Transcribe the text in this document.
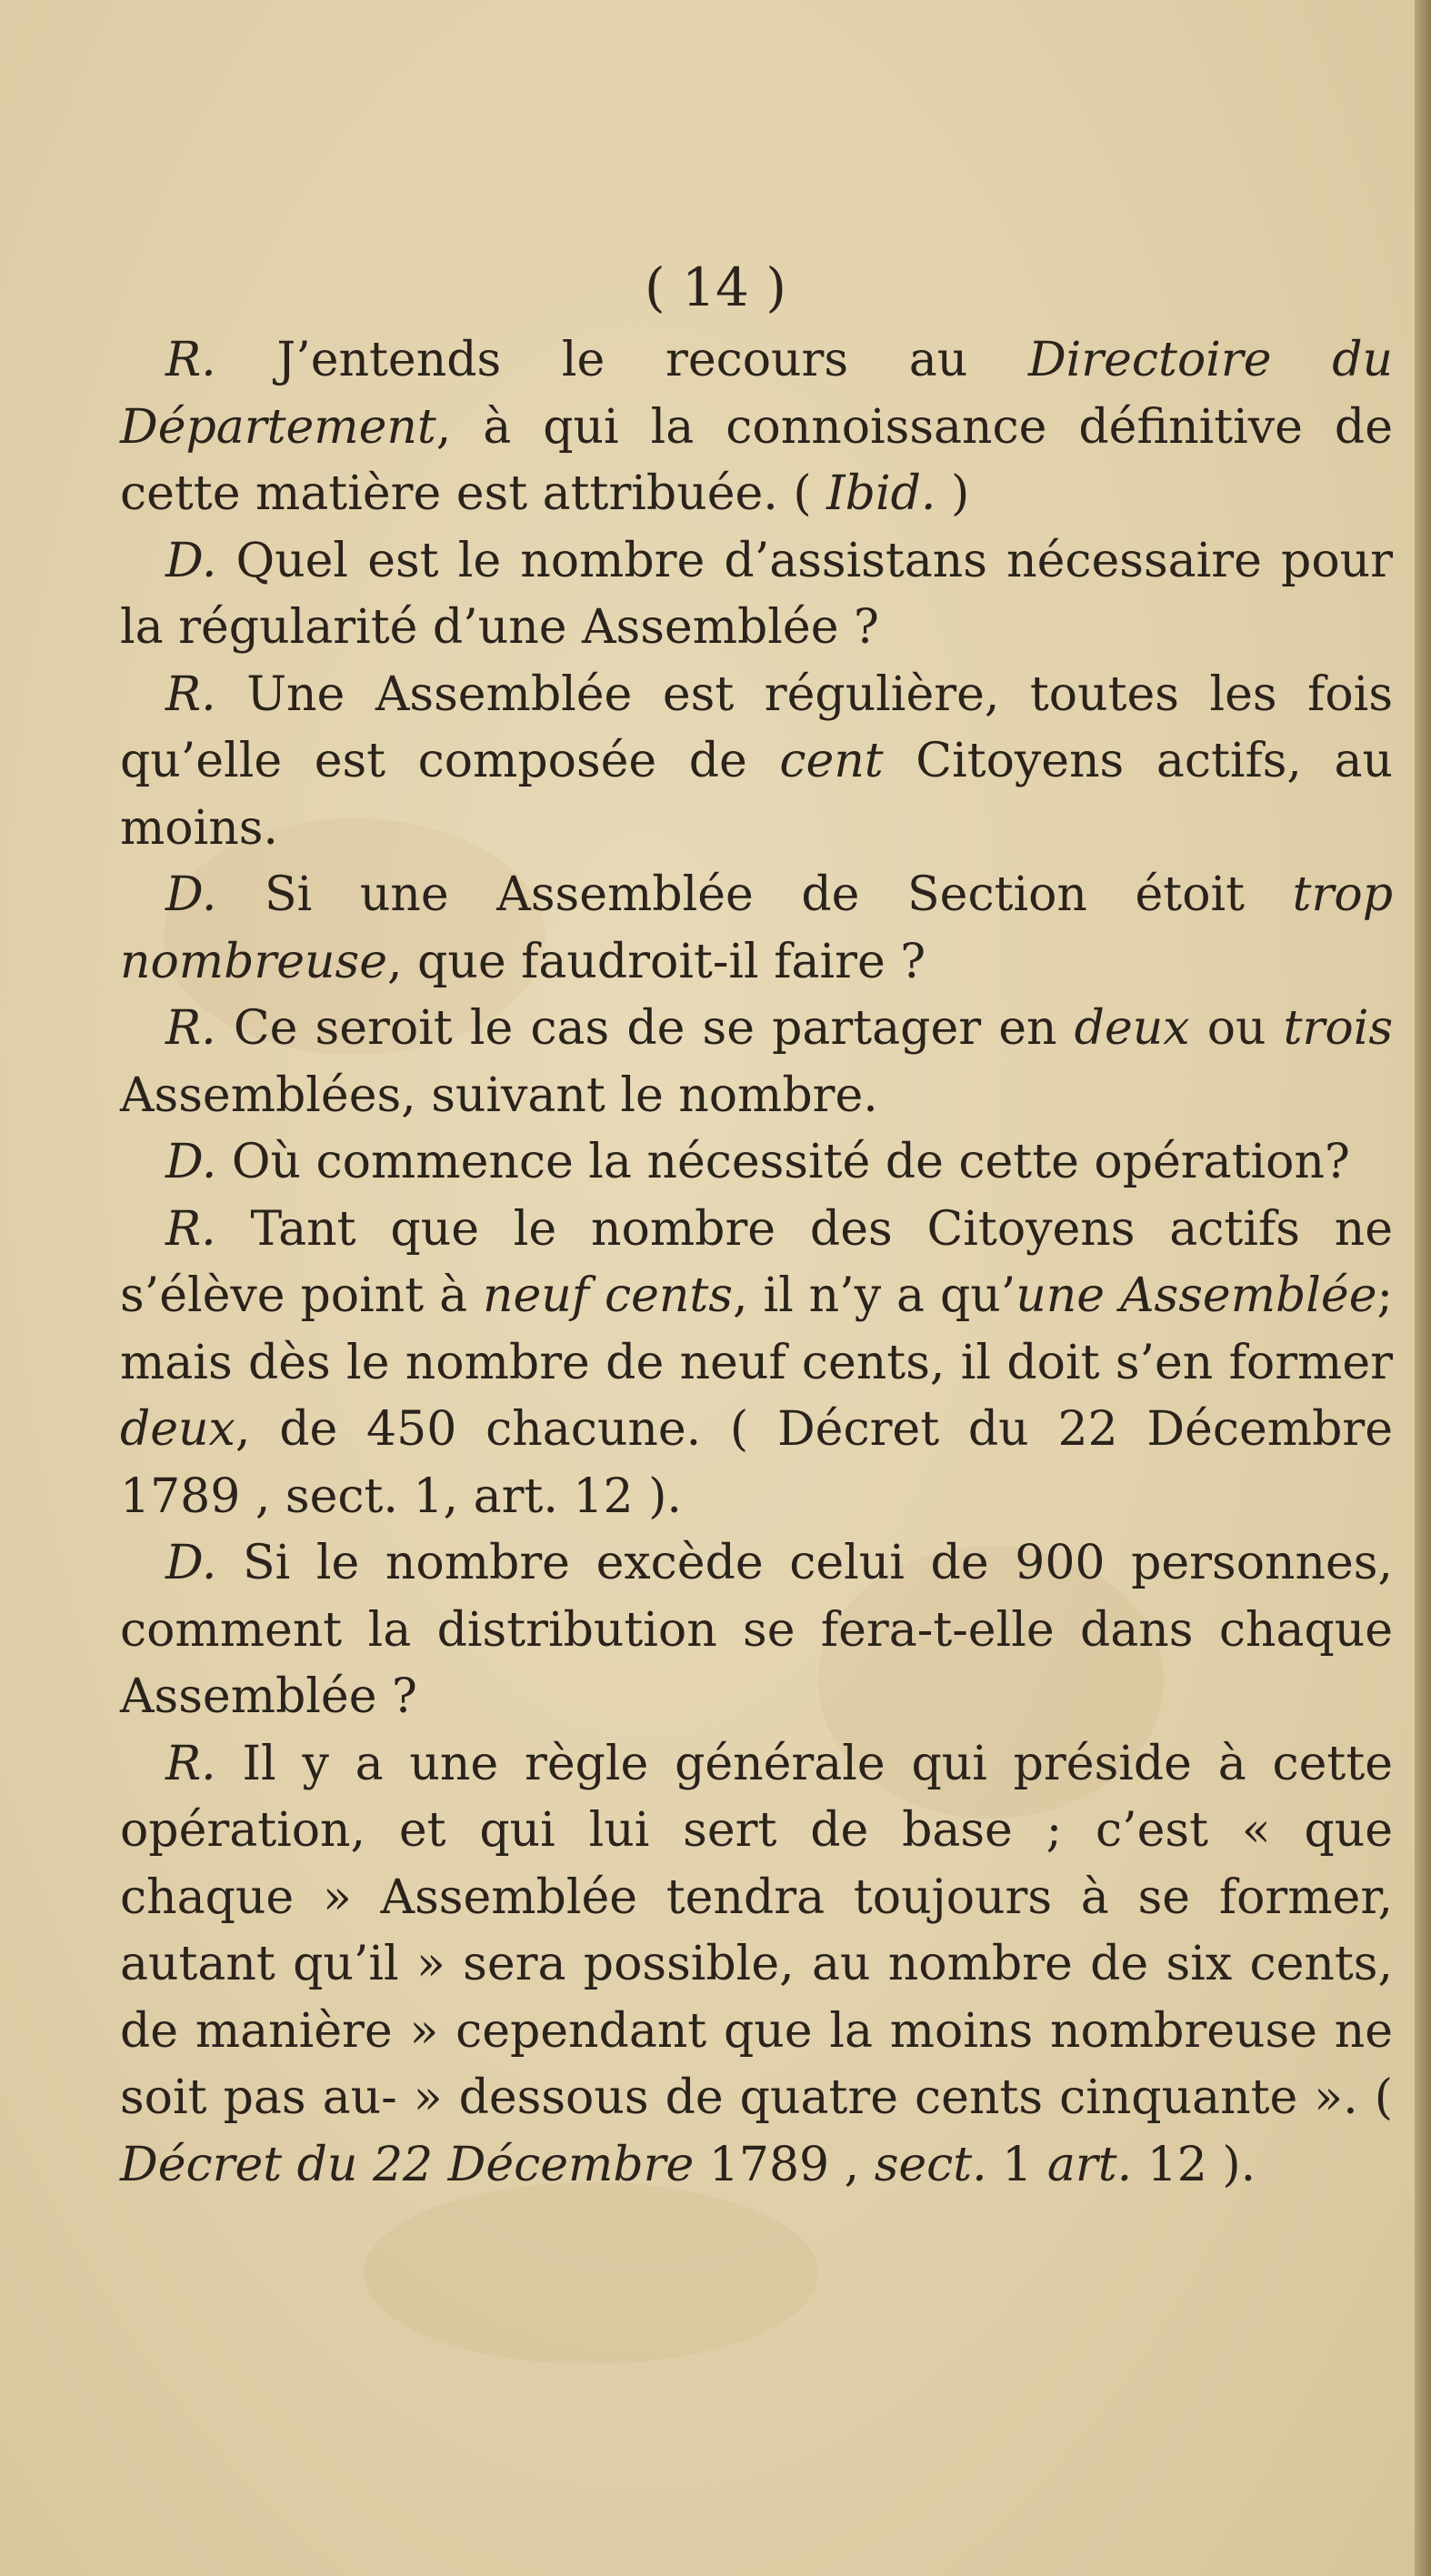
( 14 )

R. J’entends le recours au Directoire du Département, à qui la connoissance définitive de cette matière est attribuée. ( Ibid. )

D. Quel est le nombre d’assistans nécessaire pour la régularité d’une Assemblée ?

R. Une Assemblée est régulière, toutes les fois qu’elle est composée de cent Citoyens actifs, au moins.

D. Si une Assemblée de Section étoit trop nombreuse, que faudroit-il faire ?

R. Ce seroit le cas de se partager en deux ou trois Assemblées, suivant le nombre.

D. Où commence la nécessité de cette opération?

R. Tant que le nombre des Citoyens actifs ne s’élève point à neuf cents, il n’y a qu’une Assemblée; mais dès le nombre de neuf cents, il doit s’en former deux, de 450 chacune. ( Décret du 22 Décembre 1789 , sect. 1, art. 12 ).

D. Si le nombre excède celui de 900 personnes, comment la distribution se fera-t-elle dans chaque Assemblée ?

R. Il y a une règle générale qui préside à cette opération, et qui lui sert de base ; c’est « que chaque » Assemblée tendra toujours à se former, autant qu’il » sera possible, au nombre de six cents, de manière » cependant que la moins nombreuse ne soit pas au- » dessous de quatre cents cinquante ». ( Décret du 22 Décembre 1789 , sect. 1 art. 12 ).
